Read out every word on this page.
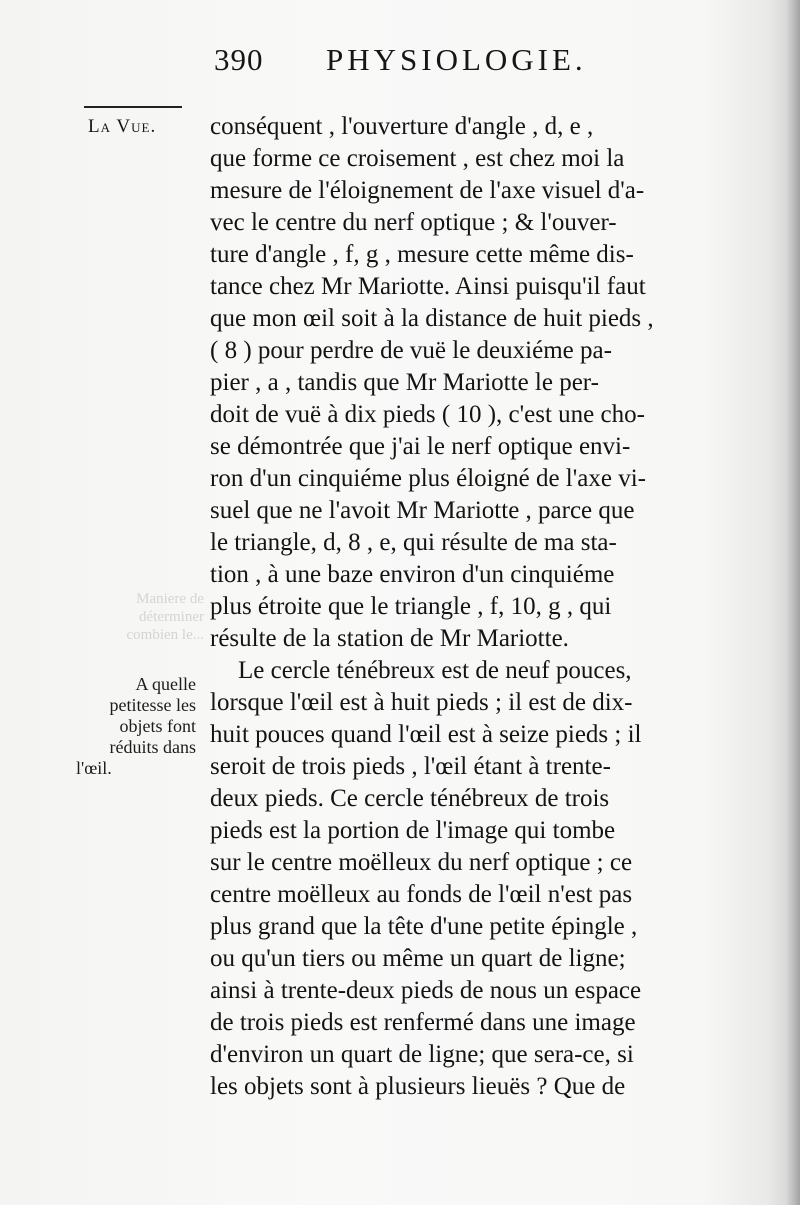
390 PHYSIOLOGIE.
La Vue.
Maniere de déterminer combien le...
A quelle
petitesse les
objets font
réduits dans
l'œil.
conséquent , l'ouverture d'angle , d, e ,
que forme ce croisement , est chez moi la
mesure de l'éloignement de l'axe visuel d'a-
vec le centre du nerf optique ; & l'ouver-
ture d'angle , f, g , mesure cette même dis-
tance chez Mr Mariotte. Ainsi puisqu'il faut
que mon œil soit à la distance de huit pieds ,
( 8 ) pour perdre de vuë le deuxiéme pa-
pier , a , tandis que Mr Mariotte le per-
doit de vuë à dix pieds ( 10 ), c'est une cho-
se démontrée que j'ai le nerf optique envi-
ron d'un cinquiéme plus éloigné de l'axe vi-
suel que ne l'avoit Mr Mariotte , parce que
le triangle, d, 8 , e, qui résulte de ma sta-
tion , à une baze environ d'un cinquiéme
plus étroite que le triangle , f, 10, g , qui
résulte de la station de Mr Mariotte.
Le cercle ténébreux est de neuf pouces,
lorsque l'œil est à huit pieds ; il est de dix-
huit pouces quand l'œil est à seize pieds ; il
seroit de trois pieds , l'œil étant à trente-
deux pieds. Ce cercle ténébreux de trois
pieds est la portion de l'image qui tombe
sur le centre moëlleux du nerf optique ; ce
centre moëlleux au fonds de l'œil n'est pas
plus grand que la tête d'une petite épingle ,
ou qu'un tiers ou même un quart de ligne;
ainsi à trente-deux pieds de nous un espace
de trois pieds est renfermé dans une image
d'environ un quart de ligne; que sera-ce, si
les objets sont à plusieurs lieuës ? Que de
